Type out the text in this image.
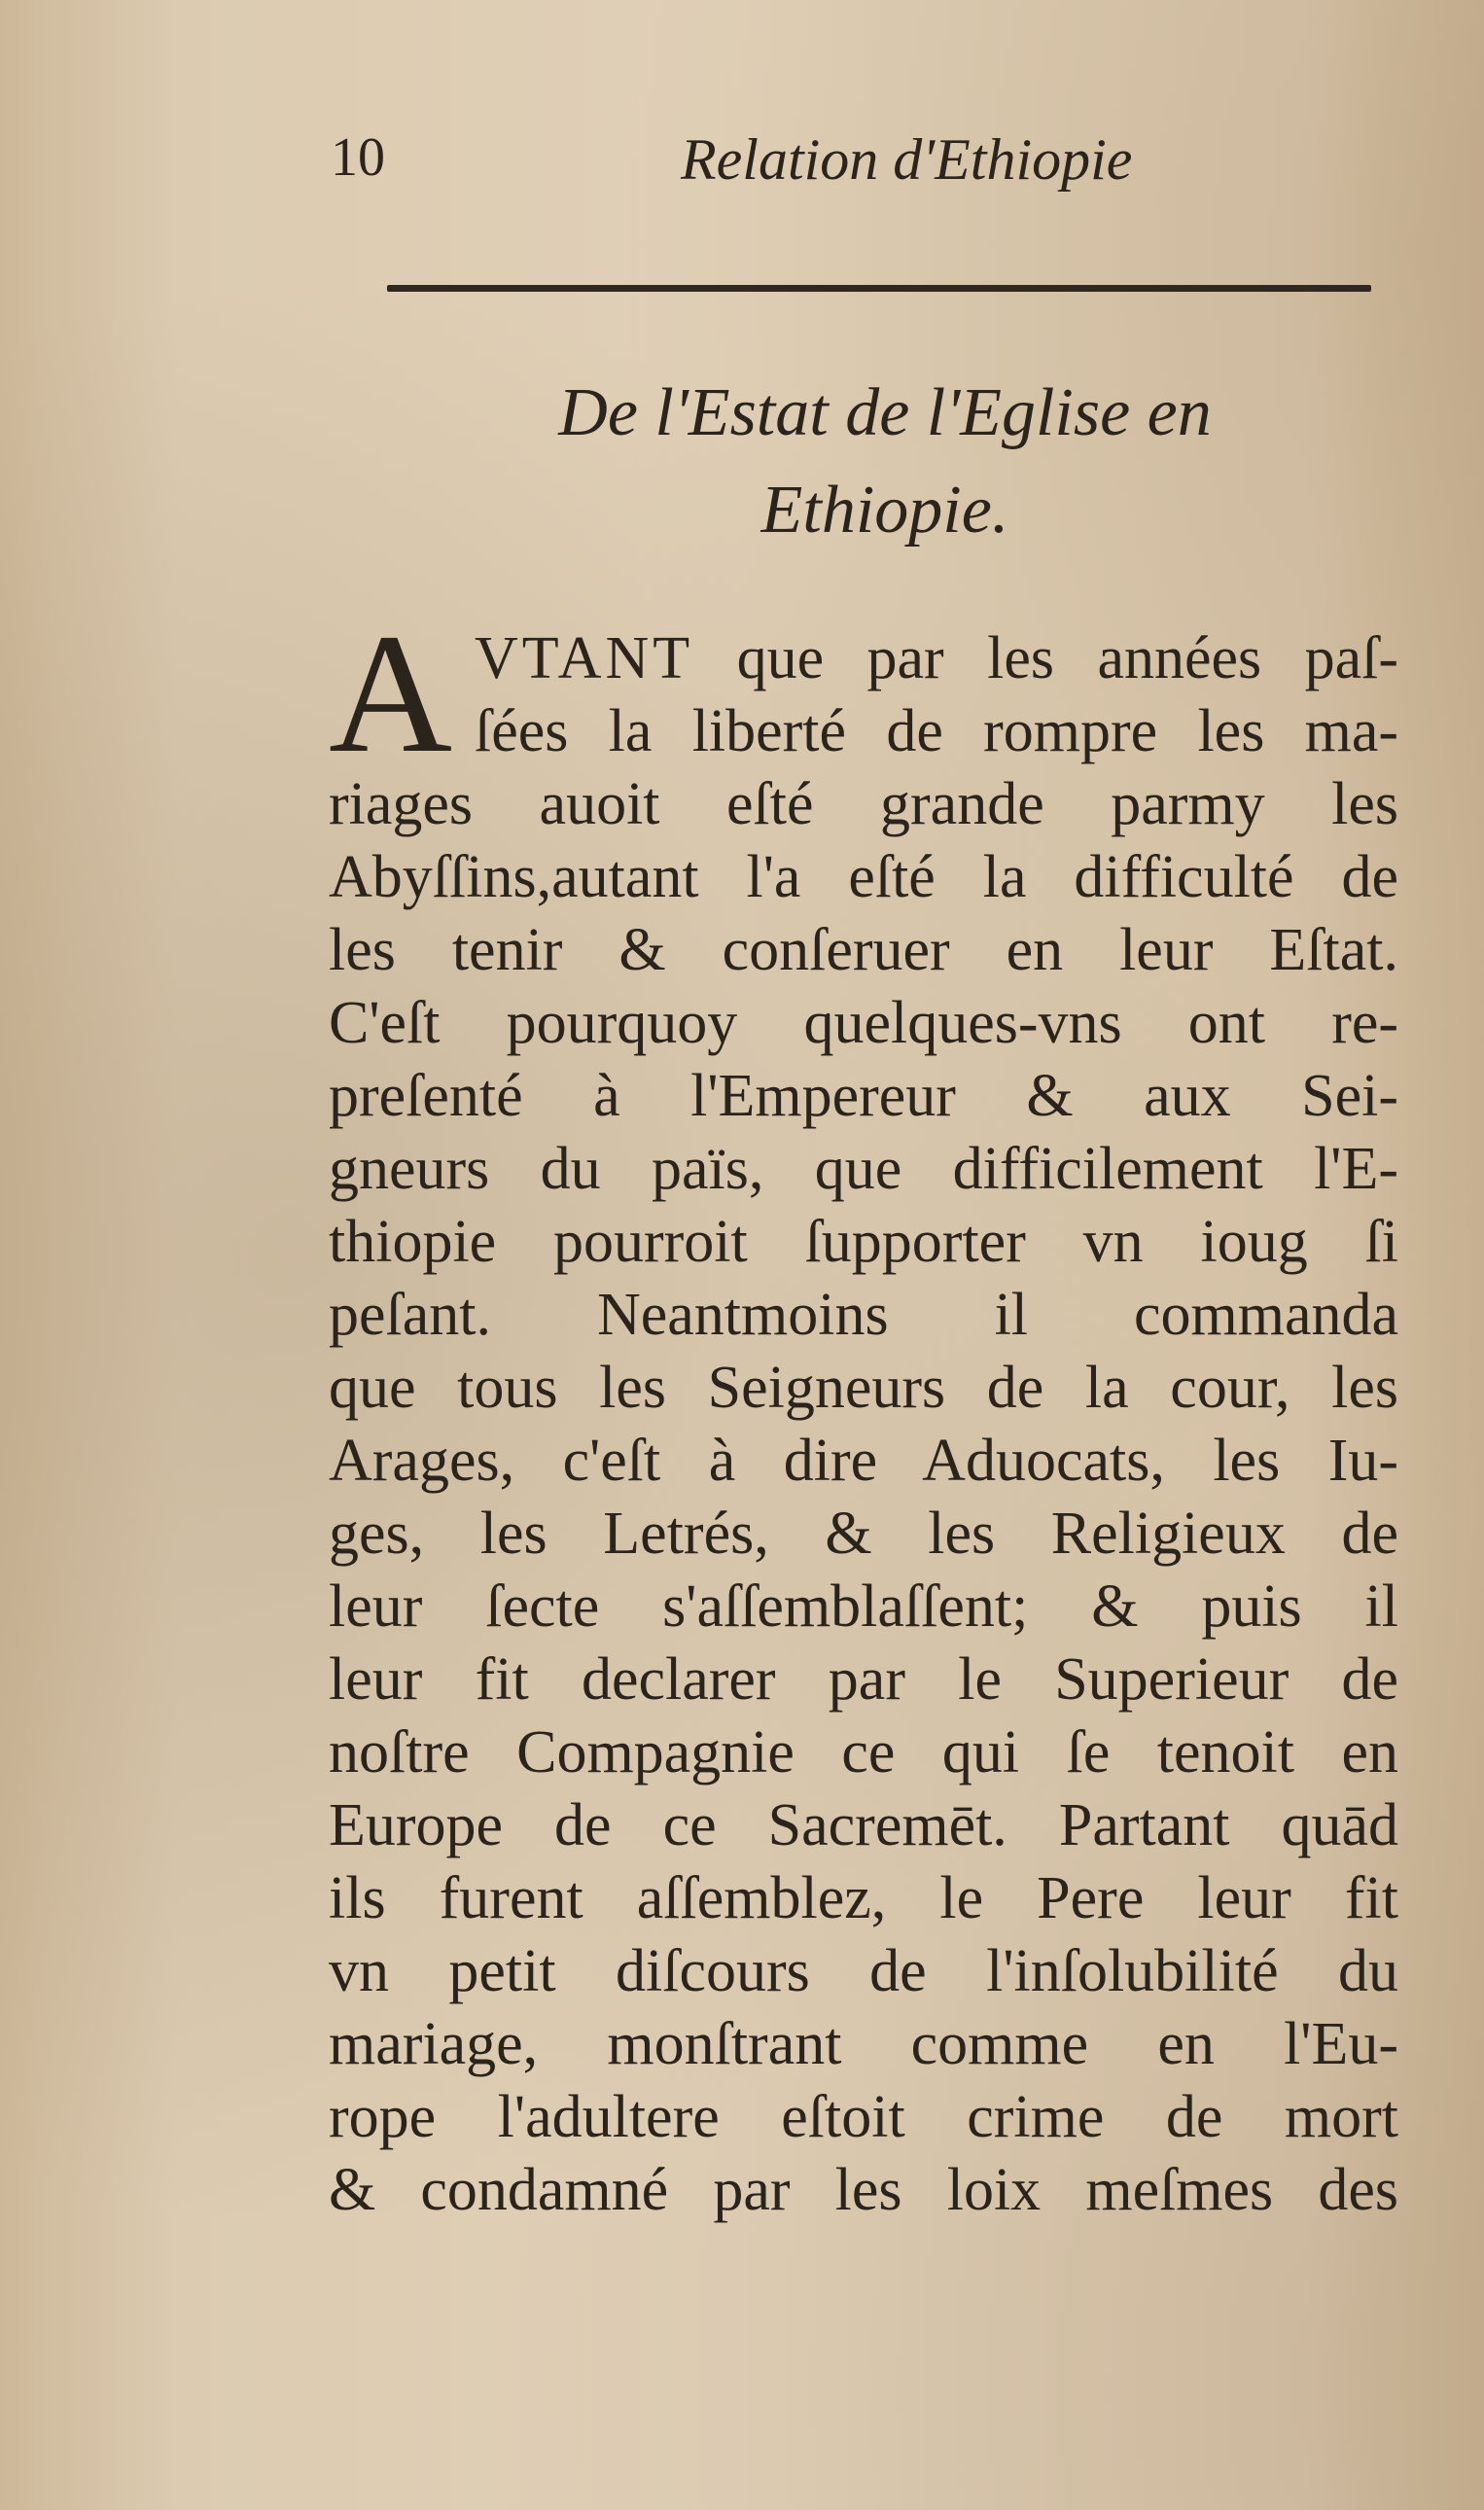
10	Relation d'Ethiopie
De l'Estat de l'Eglise en
Ethiopie.
A VTANT que par les années paſ-
ſées la liberté de rompre les ma-
riages auoit eſté grande parmy les
Abyſſins,autant l'a eſté la difficulté de
les tenir & conſeruer en leur Eſtat.
C'eſt pourquoy quelques-vns ont re-
preſenté à l'Empereur & aux Sei-
gneurs du païs, que difficilement l'E-
thiopie pourroit ſupporter vn ioug ſi
peſant. Neantmoins il commanda
que tous les Seigneurs de la cour, les
Arages, c'eſt à dire Aduocats, les Iu-
ges, les Letrés, & les Religieux de
leur ſecte s'aſſemblaſſent; & puis il
leur fit declarer par le Superieur de
noſtre Compagnie ce qui ſe tenoit en
Europe de ce Sacremēt. Partant quād
ils furent aſſemblez, le Pere leur fit
vn petit diſcours de l'inſolubilité du
mariage, monſtrant comme en l'Eu-
rope l'adultere eſtoit crime de mort
& condamné par les loix meſmes des
